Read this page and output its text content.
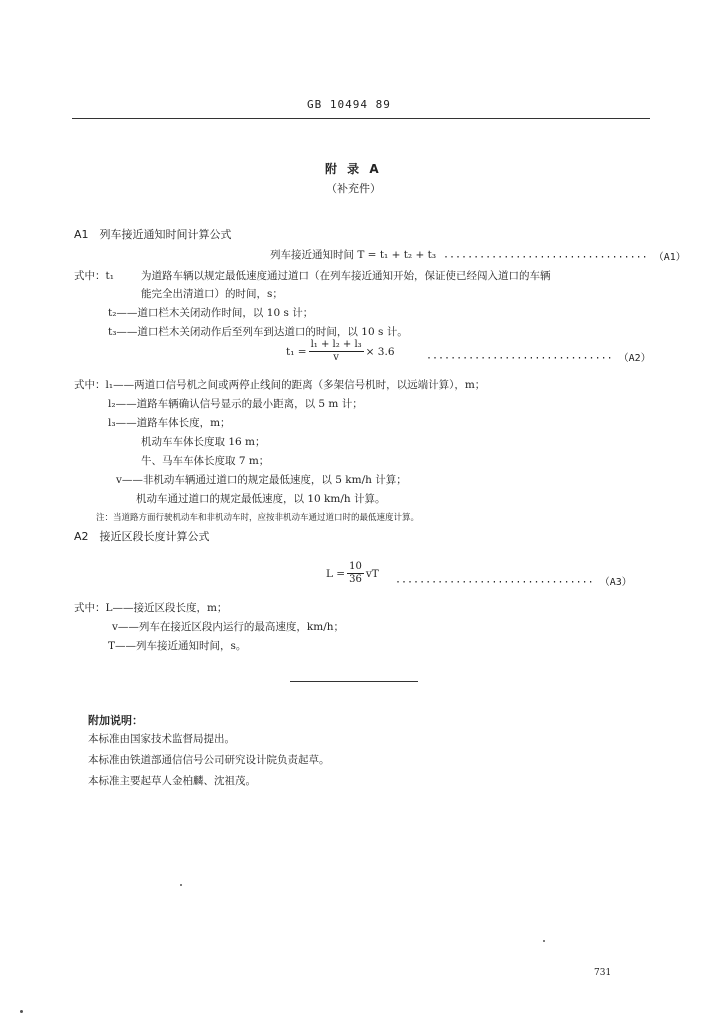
GB 10494 89
附 录 A
（补充件）
A1　列车接近通知时间计算公式
列车接近通知时间 T = t₁ + t₂ + t₃ ·································· （A1）
式中：t₁	为道路车辆以规定最低速度通过道口（在列车接近通知开始，保证使已经闯入道口的车辆
能完全出清道口）的时间，s；
t₂——道口栏木关闭动作时间，以 10 s 计；
t₃——道口栏木关闭动作后至列车到达道口的时间，以 10 s 计。
$t_1 = \frac{\text{l₁ + l₂ + l₃}}{v} \times 3.6$
······························· （A2）
式中：l₁——两道口信号机之间或两停止线间的距离（多架信号机时，以远端计算），m；
l₂——道路车辆确认信号显示的最小距离，以 5 m 计；
l₃——道路车体长度，m；
机动车车体长度取 16 m；
牛、马车车体长度取 7 m；
v——非机动车辆通过道口的规定最低速度，以 5 km/h 计算；
机动车通过道口的规定最低速度，以 10 km/h 计算。
注：当道路方面行驶机动车和非机动车时，应按非机动车通过道口时的最低速度计算。
A2　接近区段长度计算公式
$L = \frac{10}{36}$ vT
································· （A3）
式中：L——接近区段长度，m；
v——列车在接近区段内运行的最高速度，km/h；
T——列车接近通知时间，s。
附加说明：
本标准由国家技术监督局提出。
本标准由铁道部通信信号公司研究设计院负责起草。
本标准主要起草人金柏麟、沈祖茂。
731
